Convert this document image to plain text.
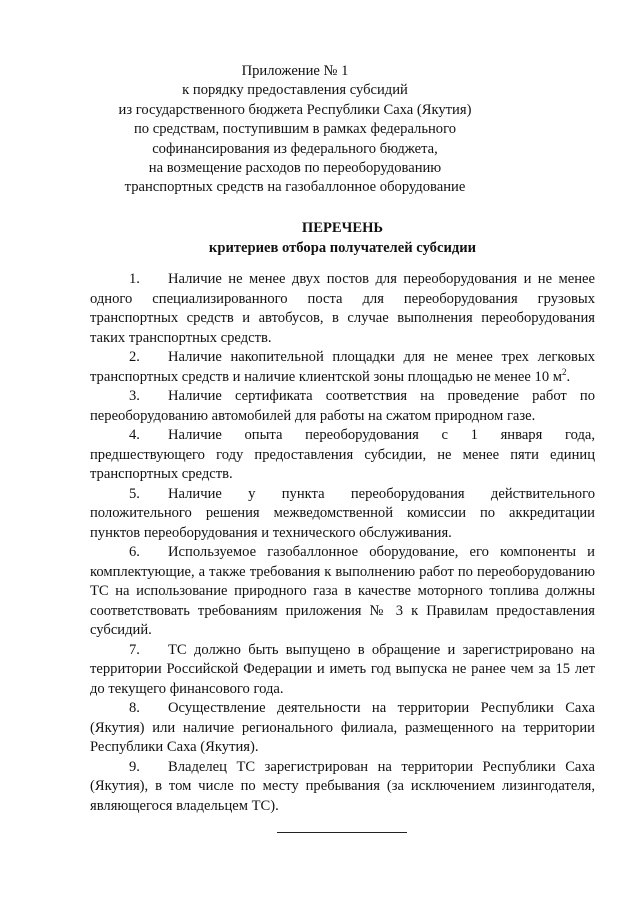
Приложение № 1
к порядку предоставления субсидий
из государственного бюджета Республики Саха (Якутия)
по средствам, поступившим в рамках федерального
софинансирования из федерального бюджета,
на возмещение расходов по переоборудованию
транспортных средств на газобаллонное оборудование
ПЕРЕЧЕНЬ
критериев отбора получателей субсидии

1. Наличие не менее двух постов для переоборудования и не менее одного специализированного поста для переоборудования грузовых транспортных средств и автобусов, в случае выполнения переоборудования таких транспортных средств.

2. Наличие накопительной площадки для не менее трех легковых транспортных средств и наличие клиентской зоны площадью не менее 10 $м^2$.

3. Наличие сертификата соответствия на проведение работ по переоборудованию автомобилей для работы на сжатом природном газе.

4. Наличие опыта переоборудования с 1 января года, предшествующего году предоставления субсидии, не менее пяти единиц транспортных средств.

5. Наличие у пункта переоборудования действительного положительного решения межведомственной комиссии по аккредитации пунктов переоборудования и технического обслуживания.

6. Используемое газобаллонное оборудование, его компоненты и комплектующие, а также требования к выполнению работ по переоборудованию ТС на использование природного газа в качестве моторного топлива должны соответствовать требованиям приложения № 3 к Правилам предоставления субсидий.

7. ТС должно быть выпущено в обращение и зарегистрировано на территории Российской Федерации и иметь год выпуска не ранее чем за 15 лет до текущего финансового года.

8. Осуществление деятельности на территории Республики Саха (Якутия) или наличие регионального филиала, размещенного на территории Республики Саха (Якутия).

9. Владелец ТС зарегистрирован на территории Республики Саха (Якутия), в том числе по месту пребывания (за исключением лизингодателя, являющегося владельцем ТС).
